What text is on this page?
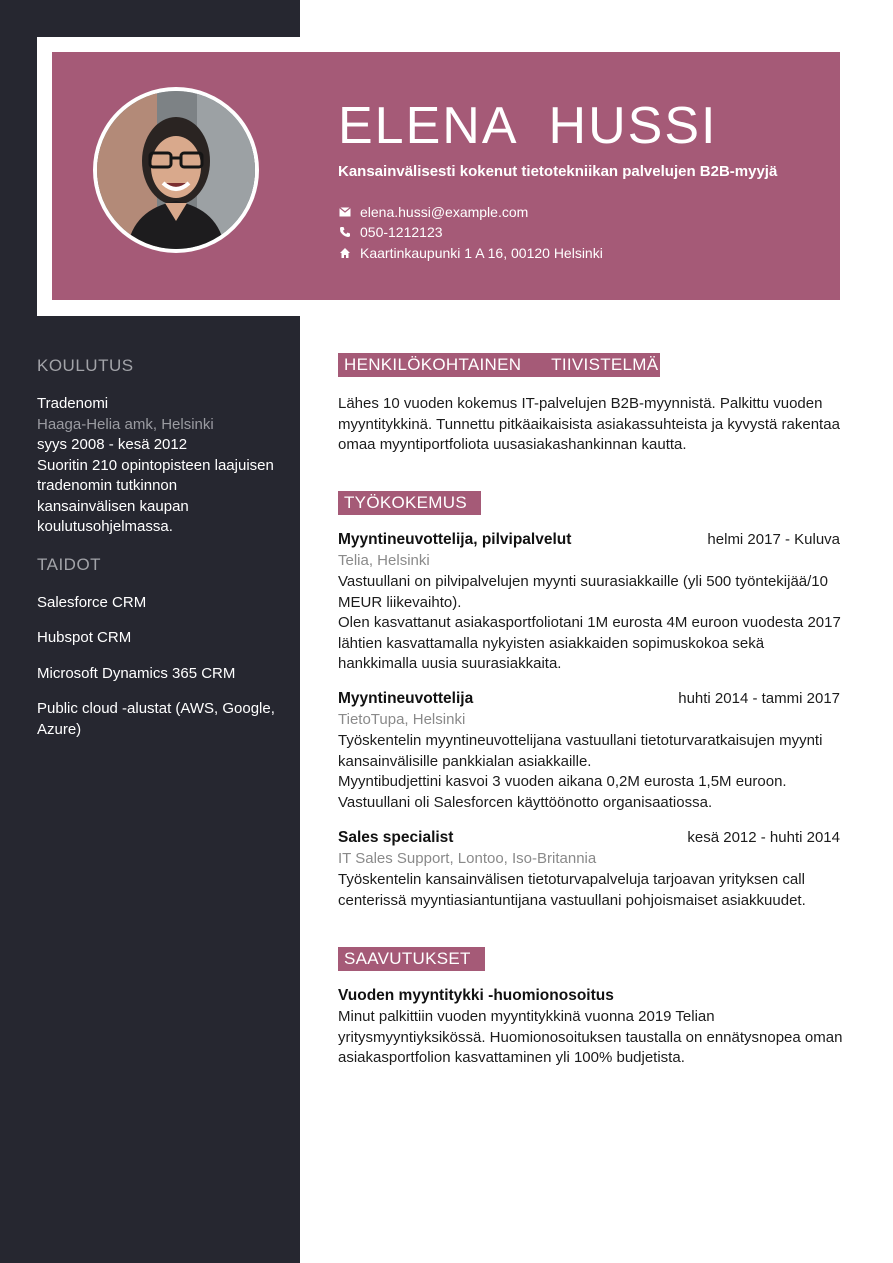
ELENA  HUSSI
Kansainvälisesti kokenut tietotekniikan palvelujen B2B-myyjä
elena.hussi@example.com
050-1212123
Kaartinkaupunki 1 A 16, 00120 Helsinki
KOULUTUS
Tradenomi
Haaga-Helia amk, Helsinki
syys 2008 - kesä 2012
Suoritin 210 opintopisteen laajuisen tradenomin tutkinnon kansainvälisen kaupan koulutusohjelmassa.
TAIDOT
Salesforce CRM
Hubspot CRM
Microsoft Dynamics 365 CRM
Public cloud -alustat (AWS, Google, Azure)
HENKILÖKOHTAINEN      TIIVISTELMÄ
Lähes 10 vuoden kokemus IT-palvelujen B2B-myynnistä. Palkittu vuoden myyntitykkinä. Tunnettu pitkäaikaisista asiakassuhteista ja kyvystä rakentaa omaa myyntiportfoliota uusasiakashankinnan kautta.
TYÖKOKEMUS
Myyntineuvottelija, pilvipalvelut	helmi 2017 - Kuluva
Telia, Helsinki
Vastuullani on pilvipalvelujen myynti suurasiakkaille (yli 500 työntekijää/10 MEUR liikevaihto).
Olen kasvattanut asiakasportfoliotani 1M eurosta 4M euroon vuodesta 2017 lähtien kasvattamalla nykyisten asiakkaiden sopimuskokoa sekä hankkimalla uusia suurasiakkaita.
Myyntineuvottelija	huhti 2014 - tammi 2017
TietoTupa, Helsinki
Työskentelin myyntineuvottelijana vastuullani tietoturvaratkaisujen myynti kansainvälisille pankkialan asiakkaille.
Myyntibudjettini kasvoi 3 vuoden aikana 0,2M eurosta 1,5M euroon. Vastuullani oli Salesforcen käyttöönotto organisaatiossa.
Sales specialist	kesä 2012 - huhti 2014
IT Sales Support, Lontoo, Iso-Britannia
Työskentelin kansainvälisen tietoturvapalveluja tarjoavan yrityksen call centerissä myyntiasiantuntijana vastuullani pohjoismaiset asiakkuudet.
SAAVUTUKSET
Vuoden myyntitykki -huomionosoitus
Minut palkittiin vuoden myyntitykkinä vuonna 2019 Telian yritysmyyntiyksikössä. Huomionosoituksen taustalla on ennätysnopea oman asiakasportfolion kasvattaminen yli 100% budjetista.
